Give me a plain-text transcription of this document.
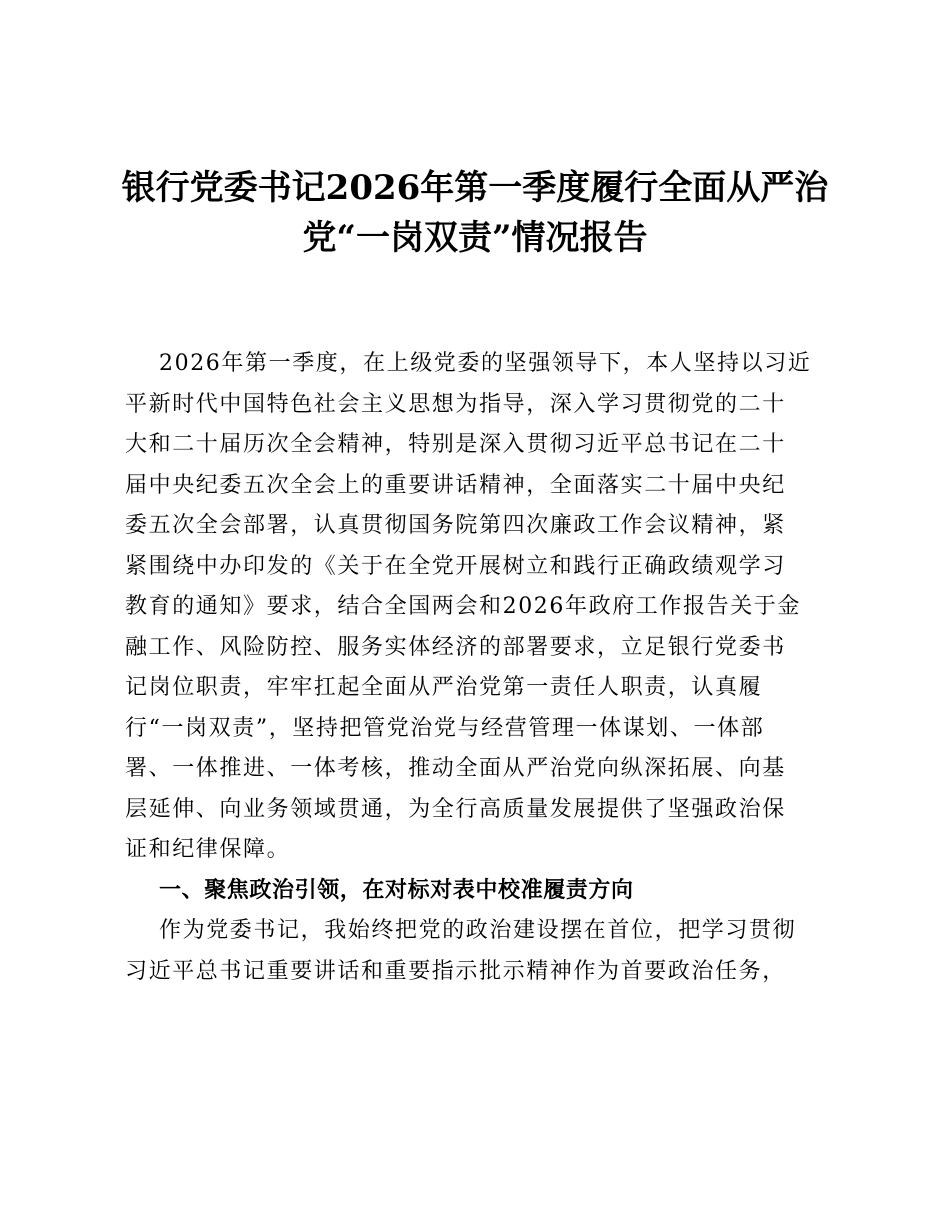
银行党委书记2026年第一季度履行全面从严治
党“一岗双责”情况报告
2026年第一季度，在上级党委的坚强领导下，本人坚持以习近
平新时代中国特色社会主义思想为指导，深入学习贯彻党的二十
大和二十届历次全会精神，特别是深入贯彻习近平总书记在二十
届中央纪委五次全会上的重要讲话精神，全面落实二十届中央纪
委五次全会部署，认真贯彻国务院第四次廉政工作会议精神，紧
紧围绕中办印发的《关于在全党开展树立和践行正确政绩观学习
教育的通知》要求，结合全国两会和2026年政府工作报告关于金
融工作、风险防控、服务实体经济的部署要求，立足银行党委书
记岗位职责，牢牢扛起全面从严治党第一责任人职责，认真履
行“一岗双责”，坚持把管党治党与经营管理一体谋划、一体部
署、一体推进、一体考核，推动全面从严治党向纵深拓展、向基
层延伸、向业务领域贯通，为全行高质量发展提供了坚强政治保
证和纪律保障。
一、聚焦政治引领，在对标对表中校准履责方向
作为党委书记，我始终把党的政治建设摆在首位，把学习贯彻
习近平总书记重要讲话和重要指示批示精神作为首要政治任务，
